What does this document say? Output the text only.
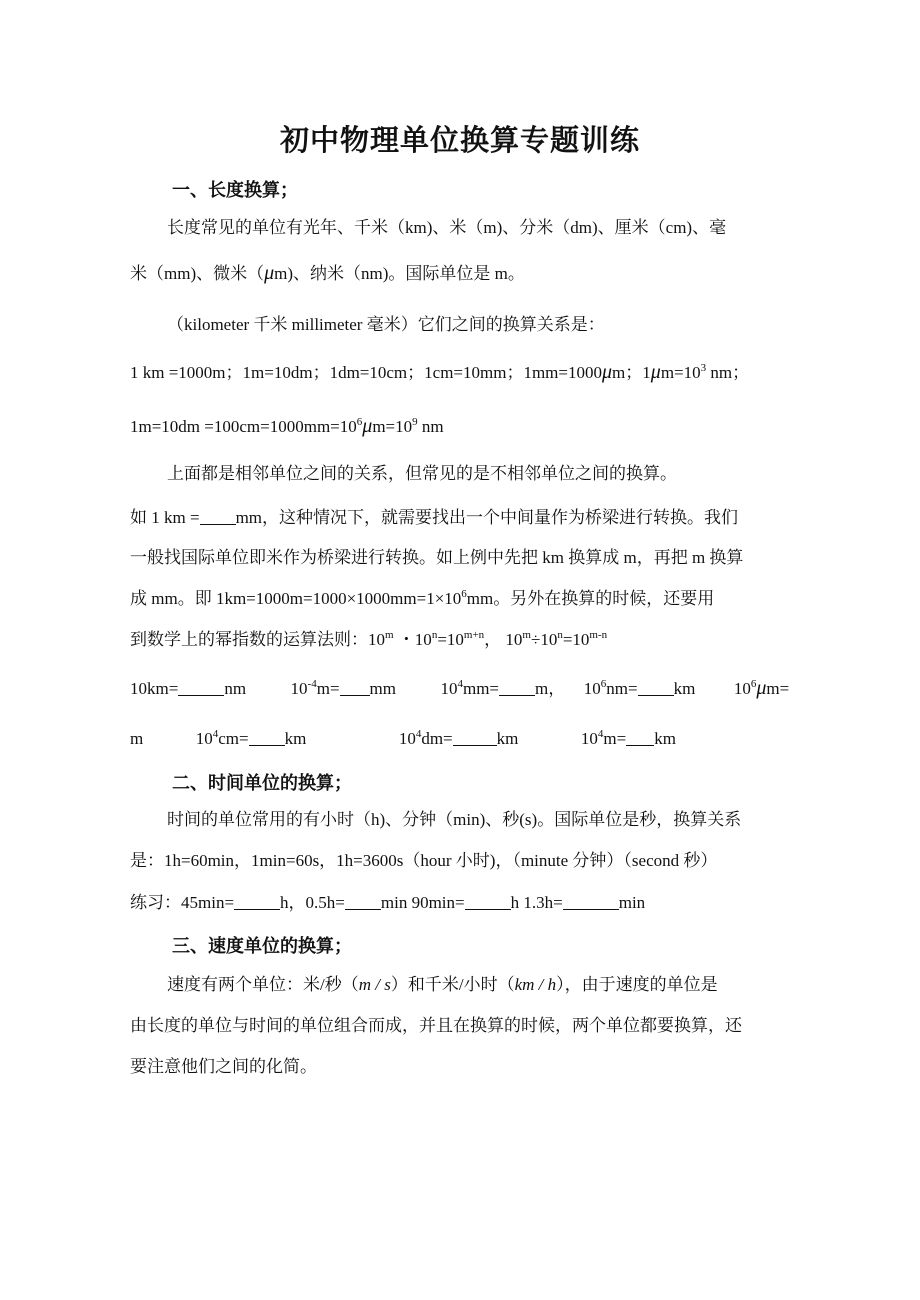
初中物理单位换算专题训练
一、长度换算；
长度常见的单位有光年、千米（km)、米（m)、分米（dm)、厘米（cm)、毫
米（mm)、微米（μm)、纳米（nm)。国际单位是 m。
（kilometer 千米 millimeter 毫米）它们之间的换算关系是：
1 km =1000m；1m=10dm；1dm=10cm；1cm=10mm；1mm=1000μm；$1\mu m=10^3$ nm；
$1m=10dm =100cm=1000mm=10^6\mu m=10^9$ nm
上面都是相邻单位之间的关系，但常见的是不相邻单位之间的换算。
如 1 km = mm，这种情况下，就需要找出一个中间量作为桥梁进行转换。我们
一般找国际单位即米作为桥梁进行转换。如上例中先把 km 换算成 m，再把 m 换算
成 mm。即 $1km=1000m=1000\times 1000mm=1\times 10^6mm$。另外在换算的时候，还要用
到数学上的幂指数的运算法则：10$^m$ ・$10^n=10^{m+n}$， $10^m\div 10^n=10^{m-n}$
10km=	nm	$10^{-4}m=$ mm	$10^4mm= m$， $10^6nm=$ km $10^6\mu m=$
m	$10^4cm=$ km	$10^4dm=$	km	$10^4m=$ km
二、时间单位的换算；
时间的单位常用的有小时（h)、分钟（min)、秒(s)。国际单位是秒，换算关系
是：1h=60min，1min=60s，1h=3600s（hour 小时)，（minute 分钟）（second 秒）
练习：45min=	h，0.5h= min 90min=	h 1.3h=	min
三、速度单位的换算；
速度有两个单位：米/秒（m / s）和千米/小时（km / h），由于速度的单位是
由长度的单位与时间的单位组合而成，并且在换算的时候，两个单位都要换算，还
要注意他们之间的化简。
